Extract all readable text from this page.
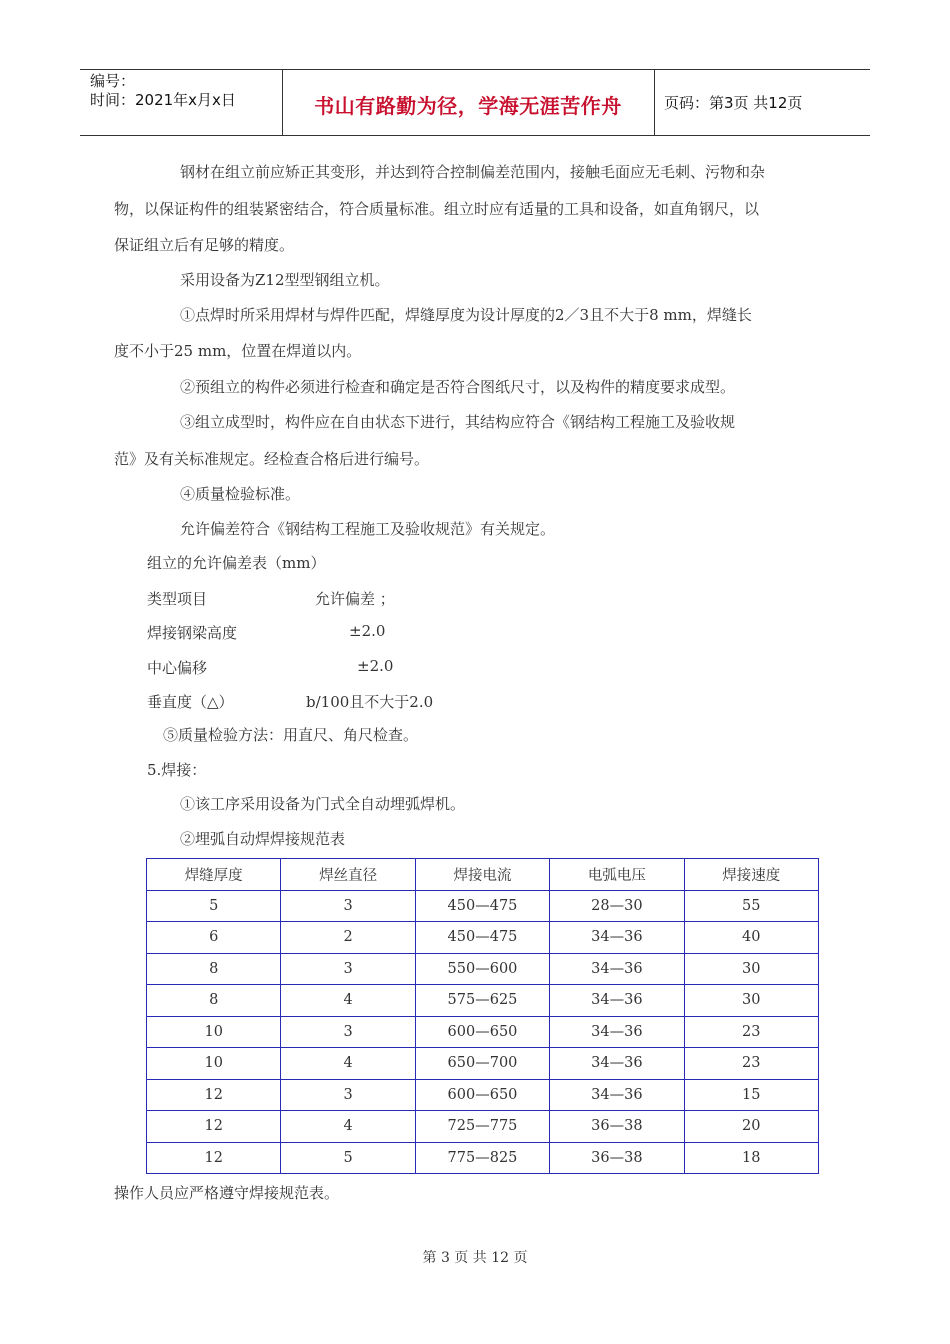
编号：
时间：2021年x月x日	书山有路勤为径，学海无涯苦作舟	页码：第3页 共12页
钢材在组立前应矫正其变形，并达到符合控制偏差范围内，接触毛面应无毛刺、污物和杂
物，以保证构件的组装紧密结合，符合质量标准。组立时应有适量的工具和设备，如直角钢尺，以
保证组立后有足够的精度。
采用设备为Z12型型钢组立机。
①点焊时所采用焊材与焊件匹配，焊缝厚度为设计厚度的2／3且不大于8 mm，焊缝长
度不小于25 mm，位置在焊道以内。
②预组立的构件必须进行检查和确定是否符合图纸尺寸，以及构件的精度要求成型。
③组立成型时，构件应在自由状态下进行，其结构应符合《钢结构工程施工及验收规
范》及有关标准规定。经检查合格后进行编号。
④质量检验标准。
允许偏差符合《钢结构工程施工及验收规范》有关规定。
组立的允许偏差表（mm）
类型项目	允许偏差 ；
焊接钢梁高度	±2.0
中心偏移	±2.0
垂直度（△）	b/100且不大于2.0
⑤质量检验方法：用直尺、角尺检查。
5.焊接：
①该工序采用设备为门式全自动埋弧焊机。
②埋弧自动焊焊接规范表
焊缝厚度	焊丝直径	焊接电流	电弧电压	焊接速度
5	3	450—475	28—30	55
6	2	450—475	34—36	40
8	3	550—600	34—36	30
8	4	575—625	34—36	30
10	3	600—650	34—36	23
10	4	650—700	34—36	23
12	3	600—650	34—36	15
12	4	725—775	36—38	20
12	5	775—825	36—38	18
操作人员应严格遵守焊接规范表。
第 3 页 共 12 页
